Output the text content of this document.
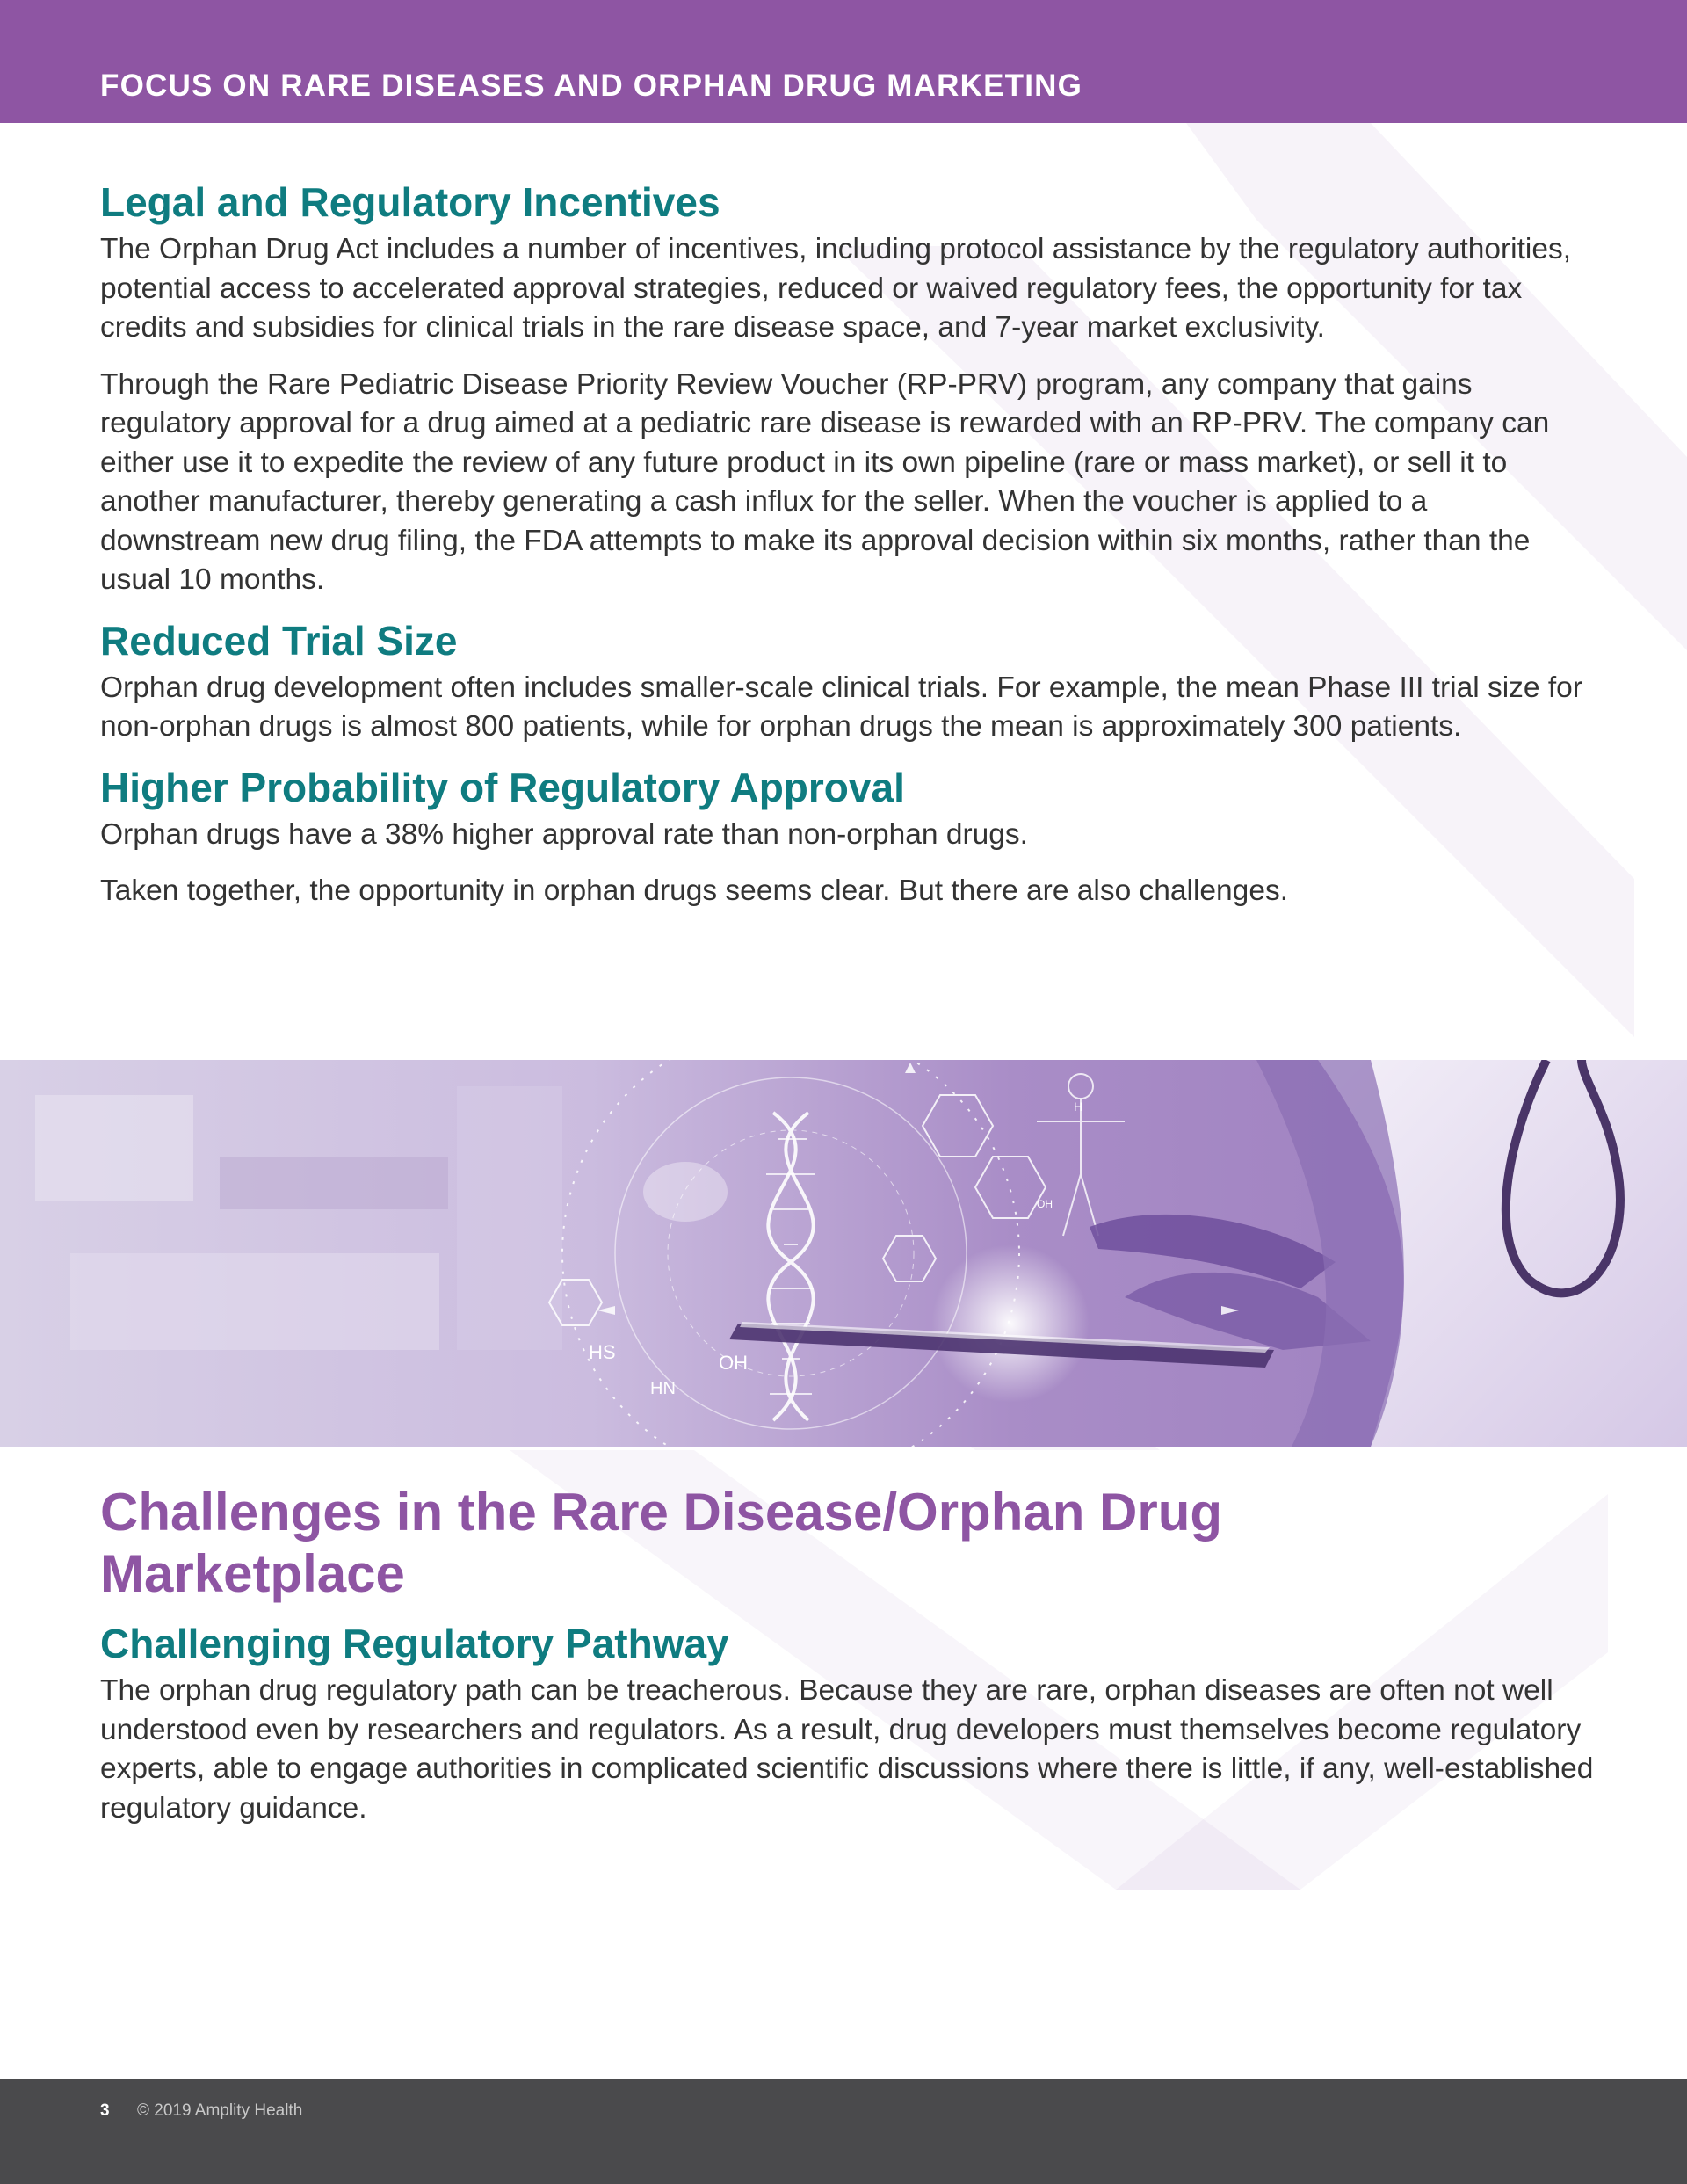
FOCUS ON RARE DISEASES AND ORPHAN DRUG MARKETING
Legal and Regulatory Incentives

The Orphan Drug Act includes a number of incentives, including protocol assistance by the regulatory authorities, potential access to accelerated approval strategies, reduced or waived regulatory fees, the opportunity for tax credits and subsidies for clinical trials in the rare disease space, and 7-year market exclusivity.

Through the Rare Pediatric Disease Priority Review Voucher (RP-PRV) program, any company that gains regulatory approval for a drug aimed at a pediatric rare disease is rewarded with an RP-PRV. The company can either use it to expedite the review of any future product in its own pipeline (rare or mass market), or sell it to another manufacturer, thereby generating a cash influx for the seller. When the voucher is applied to a downstream new drug filing, the FDA attempts to make its approval decision within six months, rather than the usual 10 months.

Reduced Trial Size

Orphan drug development often includes smaller-scale clinical trials. For example, the mean Phase III trial size for non-orphan drugs is almost 800 patients, while for orphan drugs the mean is approximately 300 patients.

Higher Probability of Regulatory Approval

Orphan drugs have a 38% higher approval rate than non-orphan drugs.

Taken together, the opportunity in orphan drugs seems clear. But there are also challenges.

HS	OH
HN
OH
H
Challenges in the Rare Disease/Orphan Drug Marketplace
Challenging Regulatory Pathway

The orphan drug regulatory path can be treacherous. Because they are rare, orphan diseases are often not well understood even by researchers and regulators. As a result, drug developers must themselves become regulatory experts, able to engage authorities in complicated scientific discussions where there is little, if any, well-established regulatory guidance.

3 © 2019 Amplity Health
